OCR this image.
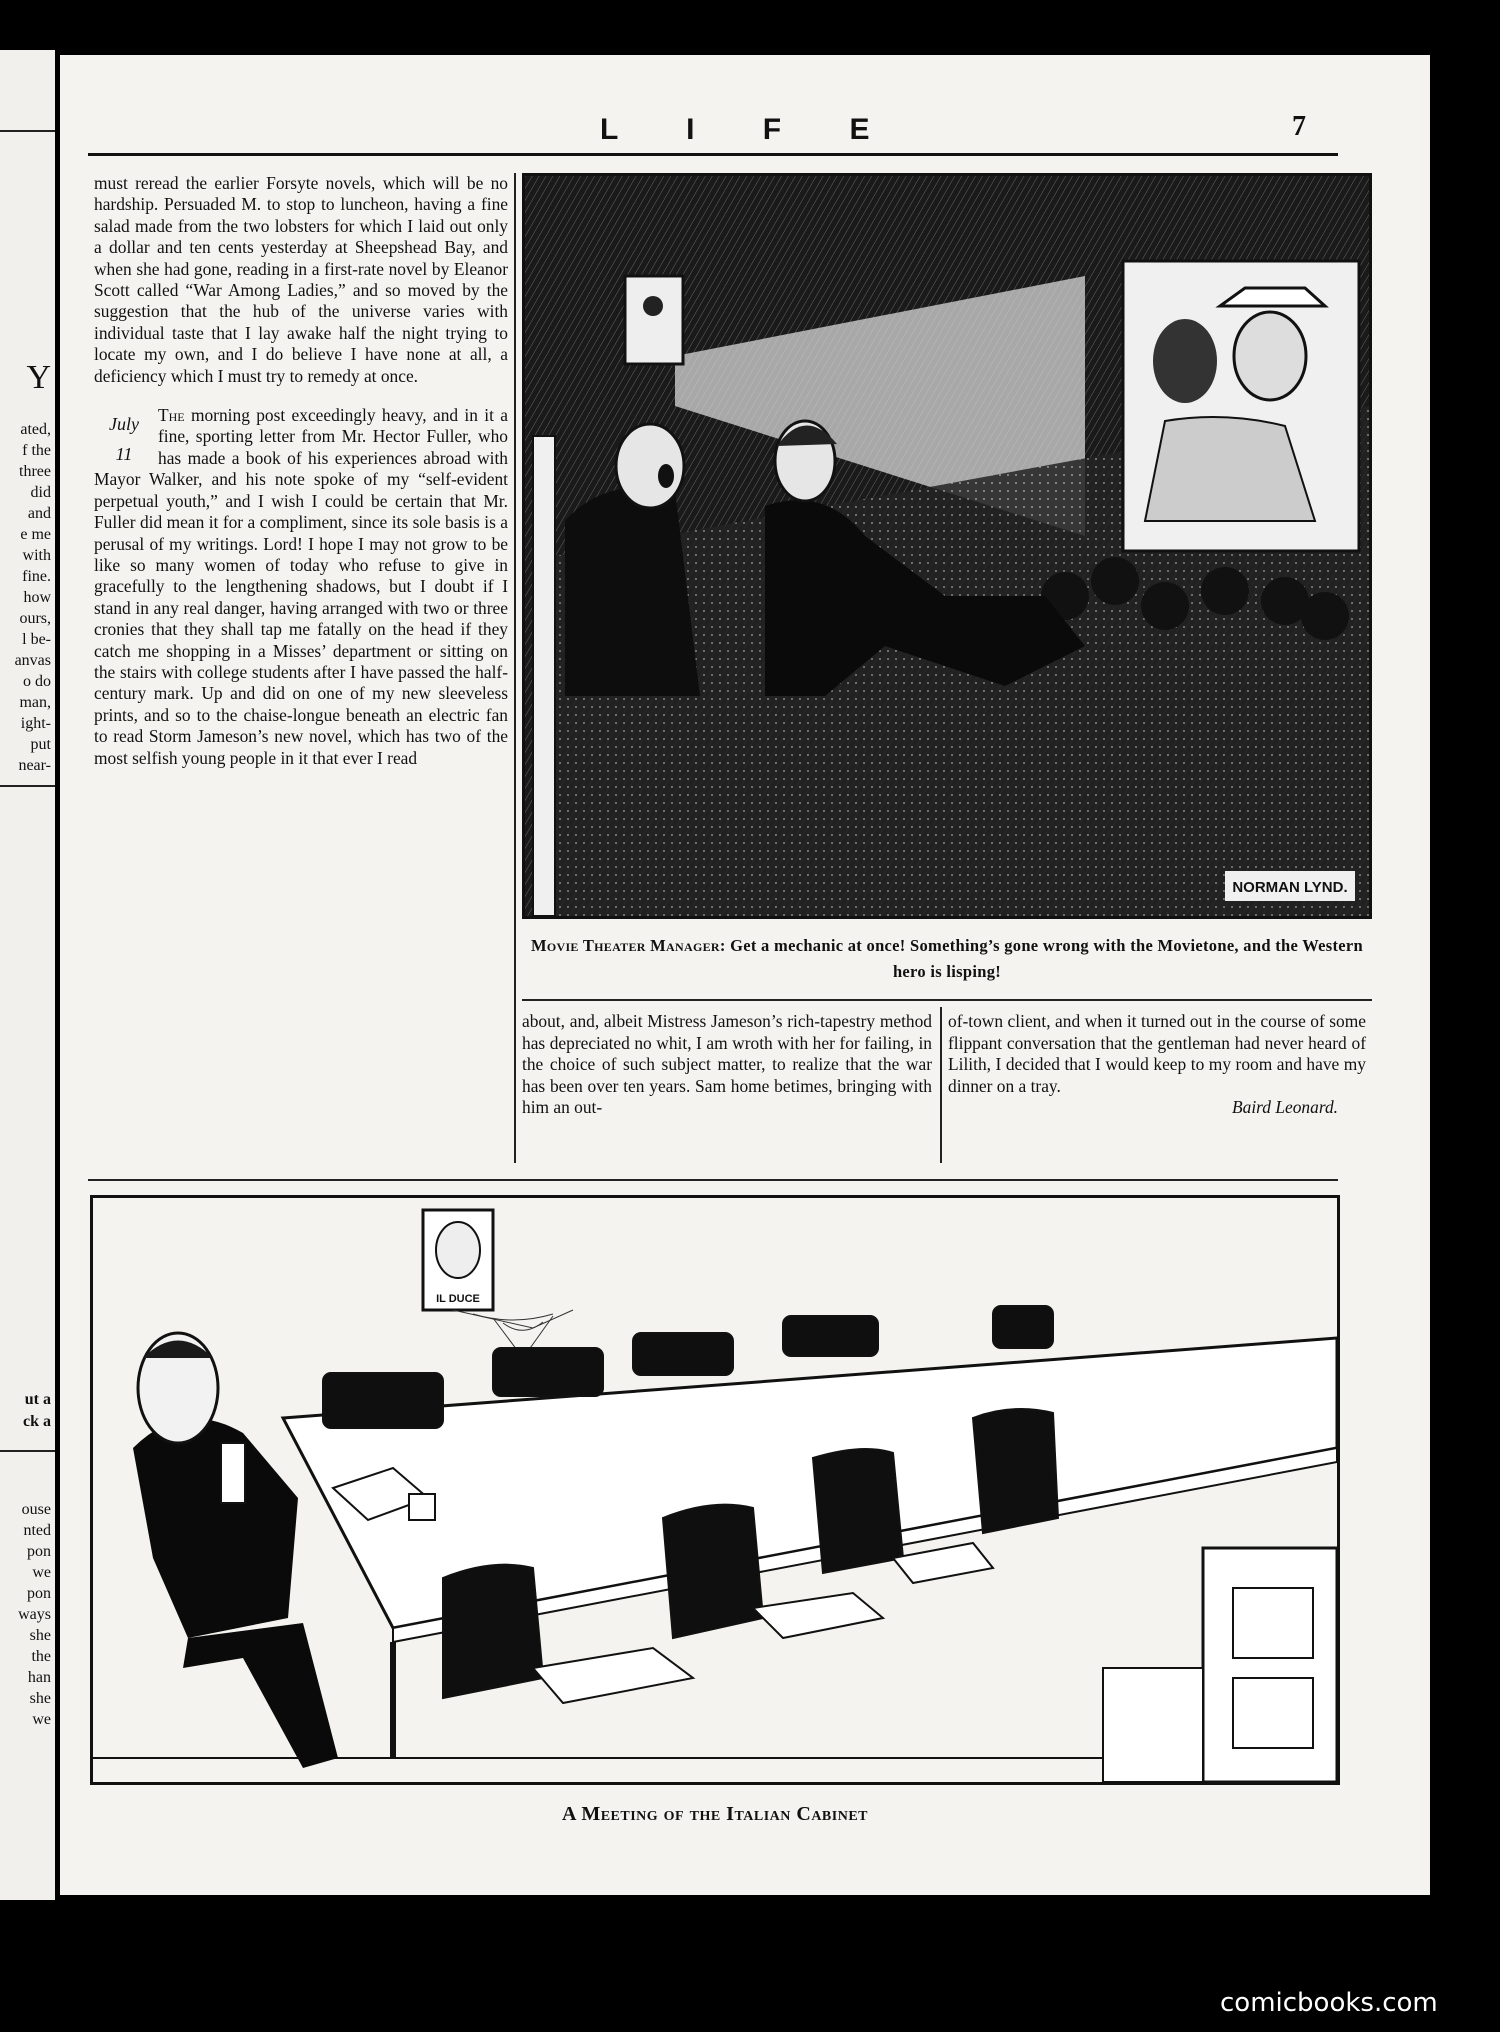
Y
ated,
f the
three
did
and
e me
with
fine.
how
ours,
l be-
anvas
o do
man,
ight-
put
near-
ut a
ck a
ouse
nted
pon
we
pon
ways
she
the
han
she
we
L I F E	7

must reread the earlier Forsyte novels, which will be no hardship. Persuaded M. to stop to luncheon, having a fine salad made from the two lobsters for which I laid out only a dollar and ten cents yesterday at Sheepshead Bay, and when she had gone, reading in a first-rate novel by Eleanor Scott called “War Among Ladies,” and so moved by the suggestion that the hub of the universe varies with individual taste that I lay awake half the night trying to locate my own, and I do believe I have none at all, a deficiency which I must try to remedy at once.

July
11
The morning post exceedingly heavy, and in it a fine, sporting letter from Mr. Hector Fuller, who has made a book of his experiences abroad with Mayor Walker, and his note spoke of my “self-evident perpetual youth,” and I wish I could be certain that Mr. Fuller did mean it for a compliment, since its sole basis is a perusal of my writings. Lord! I hope I may not grow to be like so many women of today who refuse to give in gracefully to the lengthening shadows, but I doubt if I stand in any real danger, having arranged with two or three cronies that they shall tap me fatally on the head if they catch me shopping in a Misses’ department or sitting on the stairs with college students after I have passed the half-century mark. Up and did on one of my new sleeveless prints, and so to the chaise-longue beneath an electric fan to read Storm Jameson’s new novel, which has two of the most selfish young people in it that ever I read

NORMAN LYND.
Movie Theater Manager: Get a mechanic at once! Something’s gone wrong with the Movietone, and the Western hero is lisping!
about, and, albeit Mistress Jameson’s rich-tapestry method has depreciated no whit, I am wroth with her for failing, in the choice of such subject matter, to realize that the war has been over ten years. Sam home betimes, bringing with him an out-
of-town client, and when it turned out in the course of some flippant conversation that the gentleman had never heard of Lilith, I decided that I would keep to my room and have my dinner on a tray.
Baird Leonard.
IL DUCE
A Meeting of the Italian Cabinet
comicbooks.com
